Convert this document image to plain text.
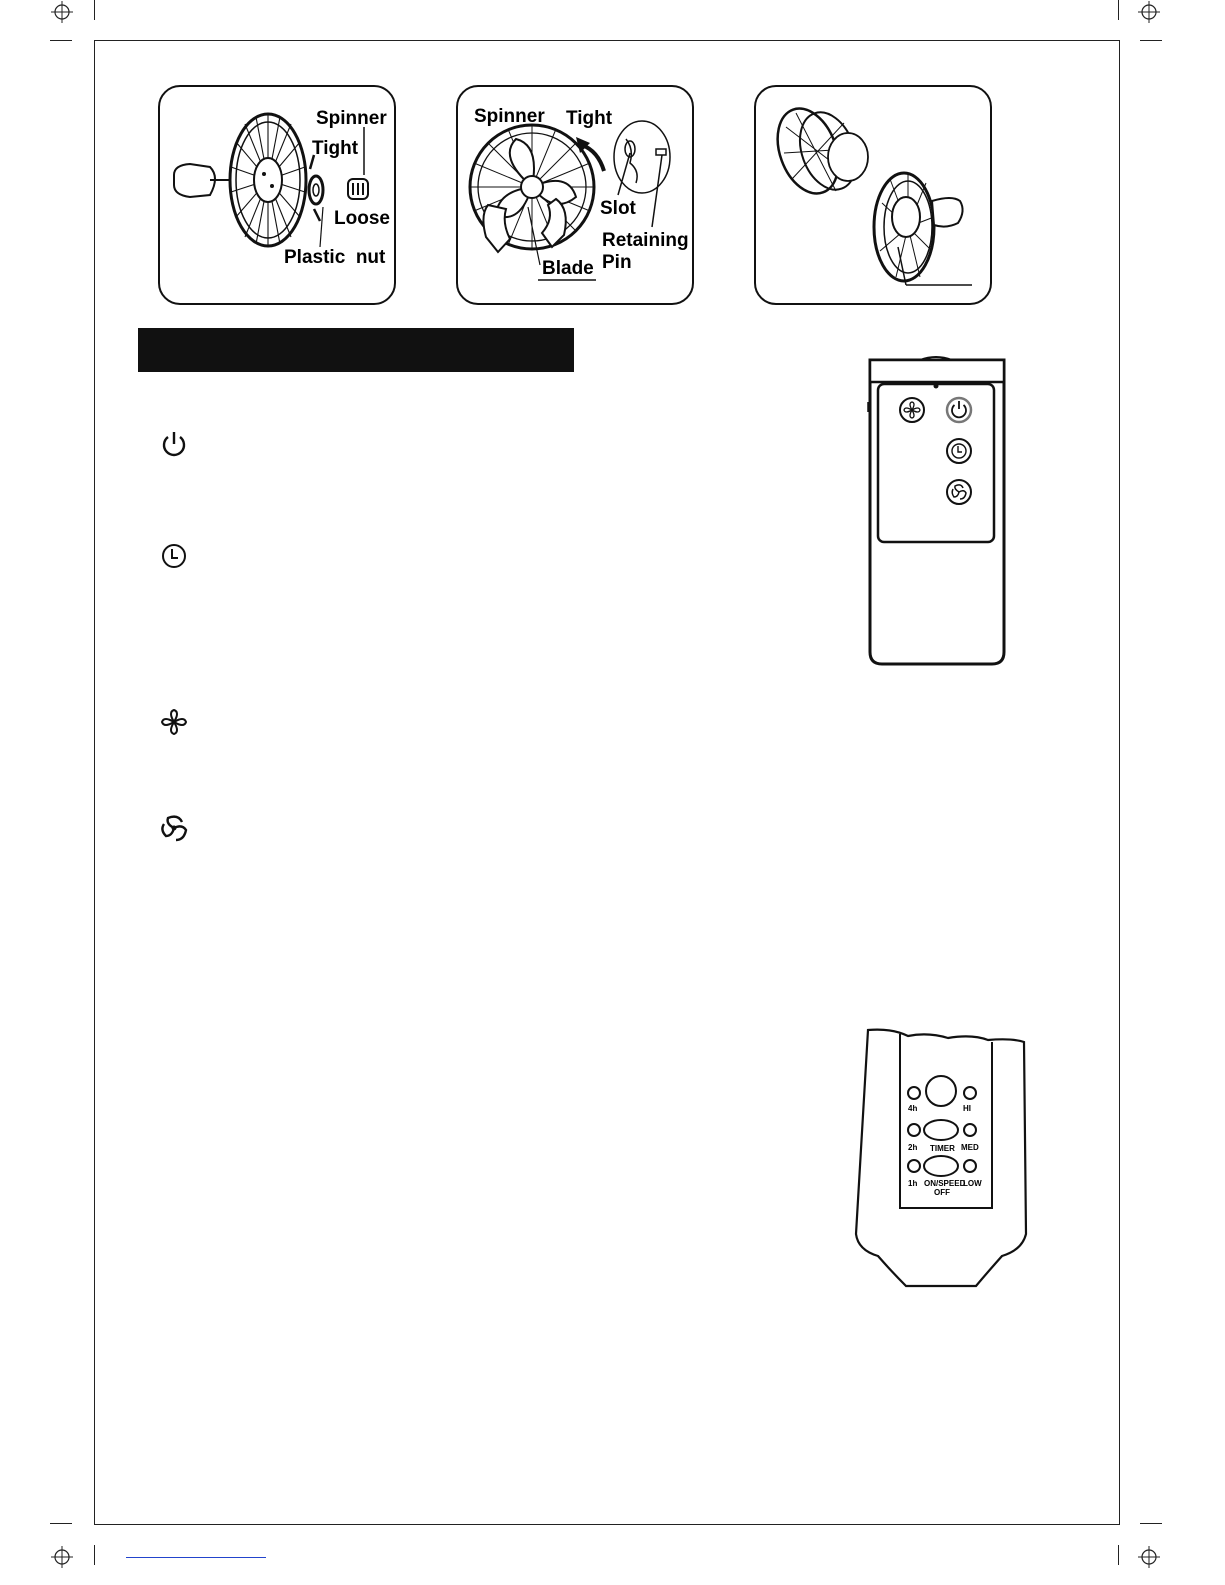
Spinner
Tight
Loose
Plastic  nut
Spinner Tight
Slot
Retaining
Pin
Blade
4h	HI
2h TIMER MED
1h ON/SPEED
OFF
LOW
